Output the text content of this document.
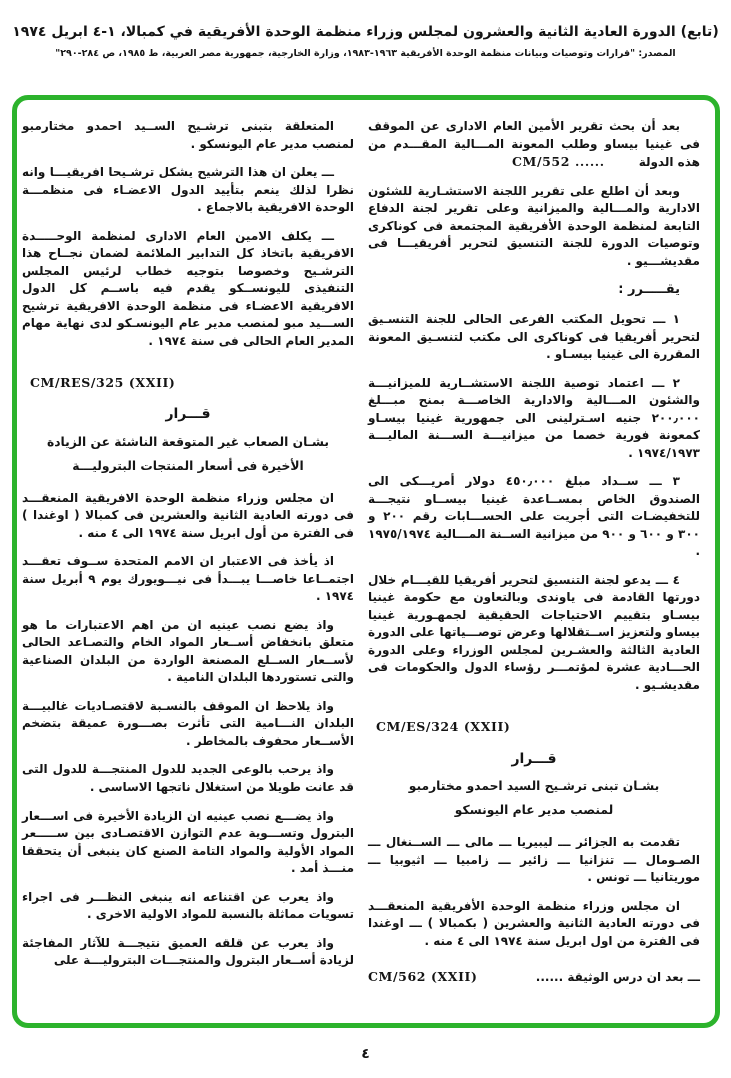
(تابع) الدورة العادية الثانية والعشرون لمجلس وزراء منظمة الوحدة الأفريقية في كمبالا، ١-٤ ابريل ١٩٧٤
المصدر: "قرارات وتوصيات وبيانات منظمة الوحدة الأفريقية ١٩٦٣-١٩٨٣، وزارة الخارجية، جمهورية مصر العربية، ط ١٩٨٥، ص ٢٨٤-٢٩٠"

بعد أن بحث تقرير الأمين العام الادارى عن الموقف فى غينيا بيساو وطلب المعونة المـــالية المقـــدم من هذه الدولةCM/552 ......

وبعد أن اطلع على تقرير اللجنة الاستشـارية للشئون الادارية والمـــالية والميزانية وعلى تقرير لجنة الدفاع التابعة لمنظمة الوحدة الأفريقية المجتمعة فى كوناكرى وتوصيات الدورة للجنة التنسيق لتحرير أفريقيـــا فى مقديشـــيو .

يقـــــرر :

١ ـــ تحويل المكتب الفرعى الحالى للجنة التنسـيق لتحرير أفريقيا فى كوناكرى الى مكتب لتنسـيق المعونة المقررة الى غينيا بيسـاو .

٢ ـــ اعتماد توصية اللجنة الاستشــارية للميزانيـــة والشئون المـــالية والادارية الخاصـــة بمنح مبـــلغ ٢٠٠٫٠٠٠ جنيه اسـترلينى الى جمهورية غينيا بيسـاو كمعونة فورية خصما من ميزانيـــة الســـنة الماليـــة ١٩٧٤/١٩٧٣ .

٣ ـــ ســداد مبلغ ٤٥٠٫٠٠٠ دولار أمريـــكى الى الصندوق الخاص بمســاعدة غينيا بيســاو نتيجـــة للتخفيضـات التى أجريت على الحســـابات رقم ٢٠٠ و ٣٠٠ و ٦٠٠ و ٩٠٠ من ميزانية الســنة المـــالية ١٩٧٥/١٩٧٤ .

٤ ـــ يدعو لجنة التنسيق لتحرير أفريقيا للقيـــام خلال دورتها القادمة فى ياوندى وبالتعاون مع حكومة غينيا بيسـاو بتقييم الاحتياجات الحقيقية لجمهـورية غينيا بيساو ولتعزيز اســتقلالها وعرض توصـــياتها على الدورة العادية الثالثة والعشـرين لمجلس الوزراء وعلى الدورة الحـــادية عشرة لمؤتمـــر رؤساء الدول والحكومات فى مقديشـيو .

CM/ES/324 (XXII)
قـــرار
بشـان تبنى ترشـيح السيد احمدو مختارمبو
لمنصب مدير عام اليونسكو

تقدمت به الجزائر ـــ ليبيريا ـــ مالى ـــ الســنغال ـــ الصـومال ـــ تنزانيا ـــ زائير ـــ زامبيا ـــ اثيوبيا ـــ موريتانيا ـــ تونس .

ان مجلس وزراء منظمة الوحدة الأفريقية المنعقـــد فى دورته العادية الثانية والعشرين ( بكمبالا ) ـــ اوغندا فى الفترة من اول ابريل سنة ١٩٧٤ الى ٤ منه .

ـــ بعد ان درس الوثيقة ......
CM/562 (XXII)

المتعلقة بتبنى ترشـيح الســيد احمدو مختارمبو لمنصب مدير عام اليونسكو .

ـــ يعلن ان هذا الترشيح يشكل ترشـيحا افريقيـــا وانه نظرا لذلك ينعم بتأييد الدول الاعضـاء فى منظمـــة الوحدة الافريقية بالاجماع .

ـــ يكلف الامين العام الادارى لمنظمة الوحـــــدة الافريقية باتخاذ كل التدابير الملائمة لضمان نجــاح هذا الترشـيح وخصوصا بتوجيه خطاب لرئيس المجلس التنفيذى لليونســكو يقدم فيه باســم كل الدول الافريقية الاعضـاء فى منظمة الوحدة الافريقية ترشيح الســـيد مبو لمنصب مدير عام اليونسـكو لدى نهاية مهام المدير العام الحالى فى سنة ١٩٧٤ .

CM/RES/325 (XXII)
قـــرار
بشـان الصعاب غير المتوقعة الناشئة عن الزيادة
الأخيرة فى أسعار المنتجات البتروليـــة

ان مجلس وزراء منظمة الوحدة الافريقية المنعقـــد فى دورته العادية الثانية والعشرين فى كمبالا ( اوغندا ) فى الفترة من أول ابريل سنة ١٩٧٤ الى ٤ منه .

اذ يأخذ فى الاعتبار ان الامم المتحدة ســوف تعقـــد اجتمــاعا خاصـــا يبـــدأ فى نيـــويورك يوم ٩ أبريل سنة ١٩٧٤ .

واذ يضع نصب عينيه ان من اهم الاعتبارات ما هو متعلق بانخفاض أســعار المواد الخام والتصـاعد الحالى لأســعار الســلع المصنعة الواردة من البلدان الصناعية والتى تستوردها البلدان النامية .

واذ يلاحظ ان الموقف بالنسـبة لاقتصـاديات غالبيـــة البلدان النـــامية التى تأثرت بصـــورة عميقة بتضخم الأســعار محفوف بالمخاطر .

واذ يرحب بالوعى الجديد للدول المنتجـــة للدول التى قد عانت طويلا من استغلال ناتجها الاساسى .

واذ يضـــع نصب عينيه ان الزيادة الأخيرة فى اســـعار البترول وتســـوية عدم التوازن الاقتصـادى بين ســـــعر المواد الأولية والمواد التامة الصنع كان ينبغى أن يتحققا منـــذ أمد .

واذ يعرب عن اقتناعه انه ينبغى النظـــر فى اجراء تسويات مماثلة بالنسبة للمواد الاولية الاخرى .

واذ يعرب عن قلقه العميق نتيجـــة للآثار المفاجئة لزيادة أســعار البترول والمنتجـــات البتروليـــة على

٤
